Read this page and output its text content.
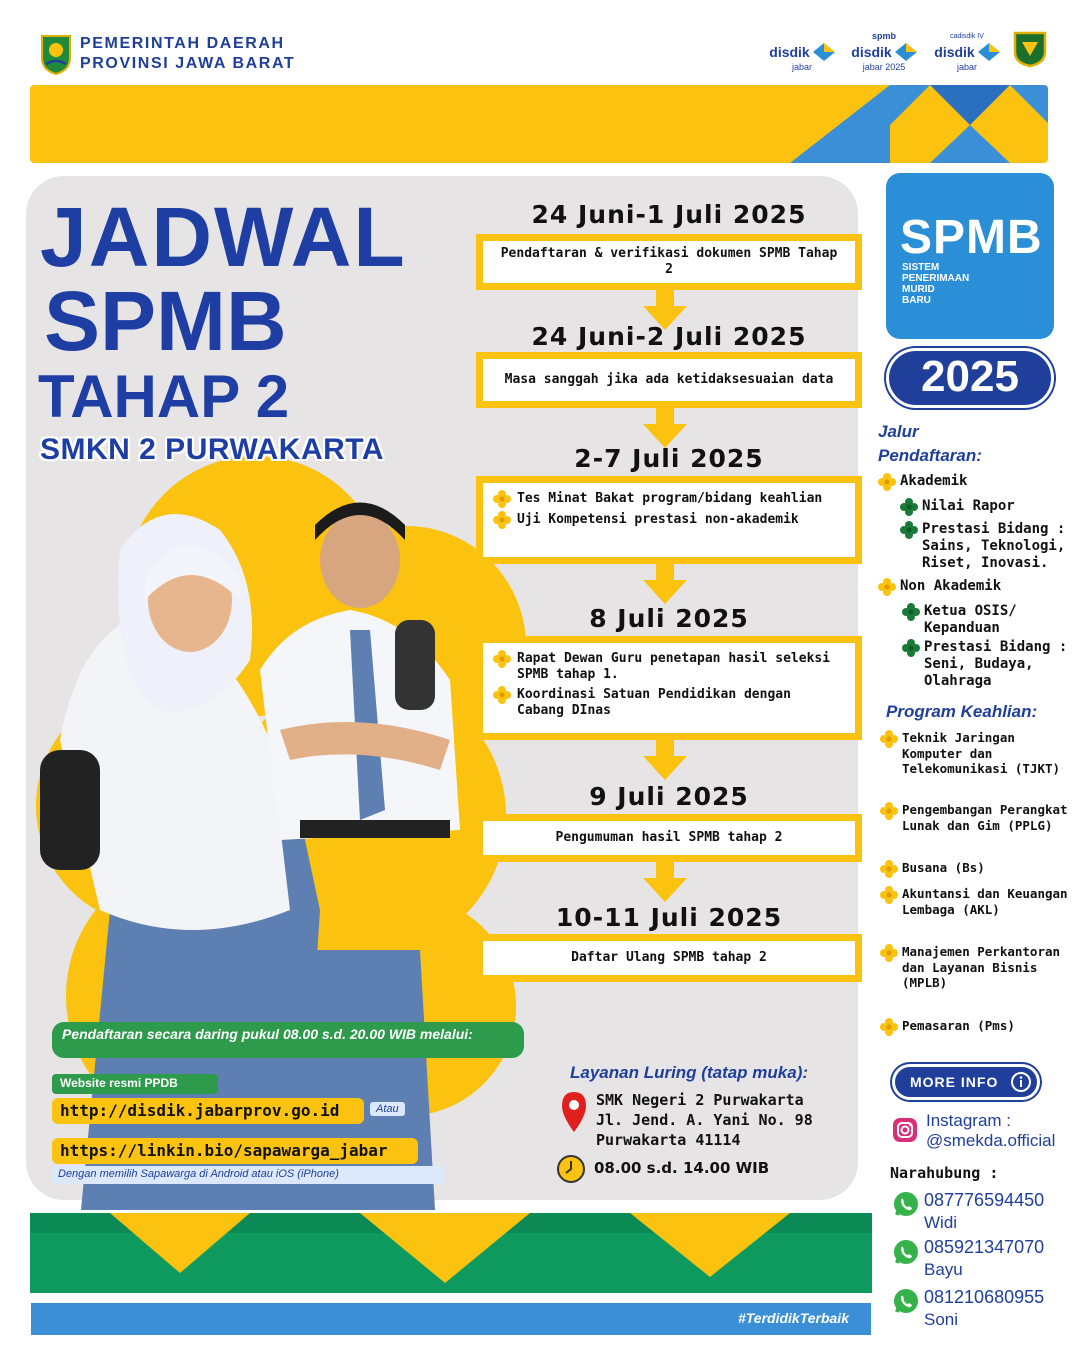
PEMERINTAH DAERAH
PROVINSI JAWA BARAT
disdik
jabar
spmb
disdik
jabar 2025
cadisdik IV
disdik
jabar
JADWAL
SPMB
TAHAP 2
SMKN 2 PURWAKARTA
24 Juni-1 Juli 2025
Pendaftaran & verifikasi dokumen SPMB Tahap 2
24 Juni-2 Juli 2025
Masa sanggah jika ada ketidaksesuaian data
2-7 Juli 2025
Tes Minat Bakat program/bidang keahlian
Uji Kompetensi prestasi non-akademik
8 Juli 2025
Rapat Dewan Guru penetapan hasil seleksi SPMB tahap 1.
Koordinasi Satuan Pendidikan dengan Cabang DInas
9 Juli 2025
Pengumuman hasil SPMB tahap 2
10-11 Juli 2025
Daftar Ulang SPMB tahap 2
Pendaftaran secara daring pukul 08.00 s.d. 20.00 WIB melalui:
Website resmi PPDB
http://disdik.jabarprov.go.id	Atau
https://linkin.bio/sapawarga_jabar
Dengan memilih Sapawarga di Android atau iOS (iPhone)
Layanan Luring (tatap muka):
SMK Negeri 2 Purwakarta
Jl. Jend. A. Yani No. 98
Purwakarta 41114
08.00 s.d. 14.00 WIB
#TerdidikTerbaik
SPMB
SISTEM
PENERIMAAN
MURID
BARU
2025
Jalur
Pendaftaran:
Akademik
Nilai Rapor
Prestasi Bidang : Sains, Teknologi, Riset, Inovasi.
Non Akademik
Ketua OSIS/ Kepanduan
Prestasi Bidang : Seni, Budaya, Olahraga
Program Keahlian:
Teknik Jaringan Komputer dan Telekomunikasi (TJKT)
Pengembangan Perangkat Lunak dan Gim (PPLG)
Busana (Bs)
Akuntansi dan Keuangan Lembaga (AKL)
Manajemen Perkantoran dan Layanan Bisnis (MPLB)
Pemasaran (Pms)
MORE INFO
Instagram :
@smekda.official
Narahubung :
087776594450
Widi
085921347070
Bayu
081210680955
Soni
